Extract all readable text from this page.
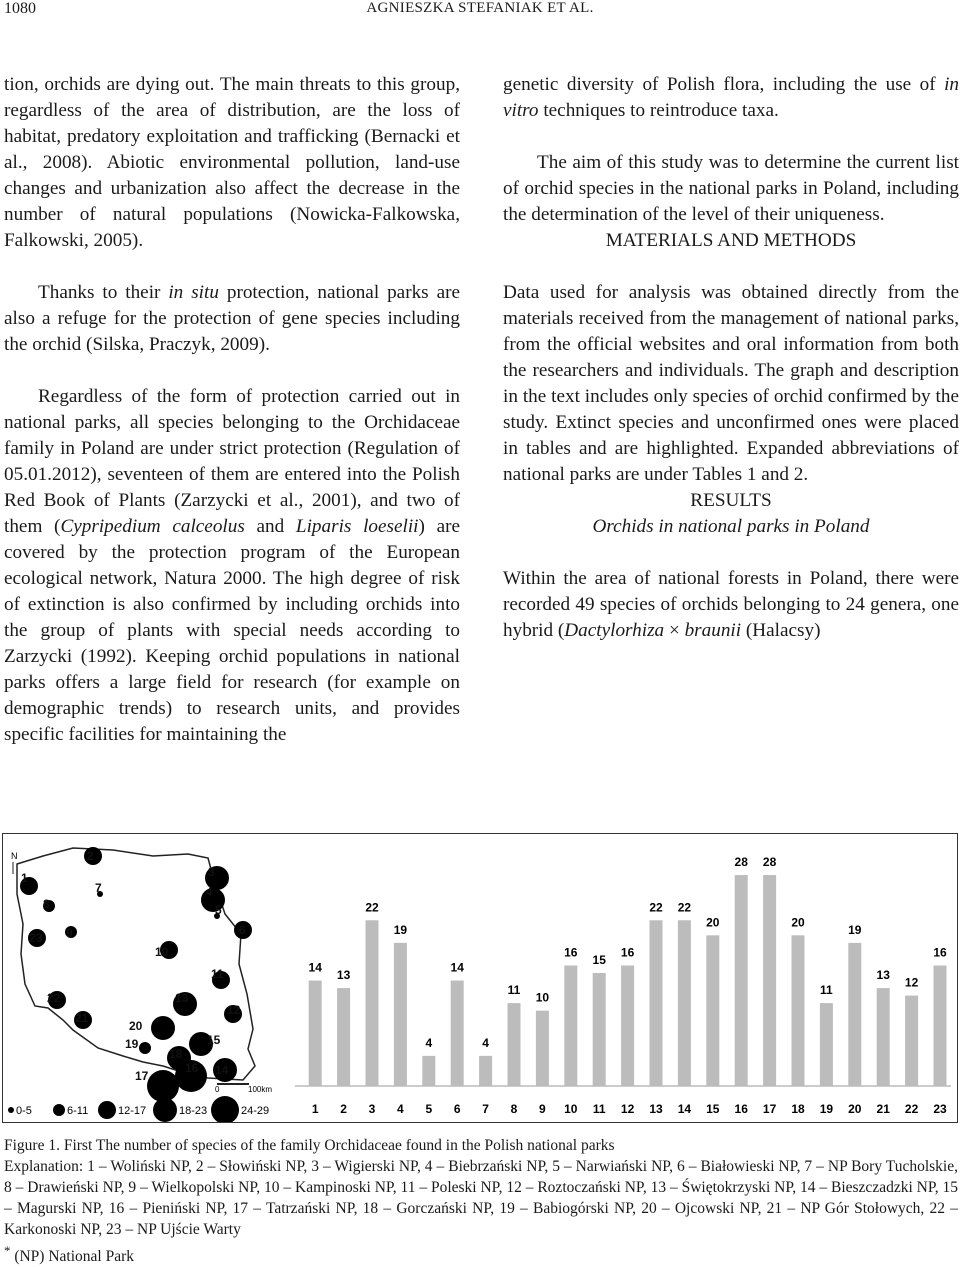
1080	AGNIESZKA STEFANIAK ET AL.

tion, orchids are dying out. The main threats to this group, regardless of the area of distribution, are the loss of habitat, predatory exploitation and trafficking (Bernacki et al., 2008). Abiotic environmental pollution, land-use changes and urbanization also affect the decrease in the number of natural populations (Nowicka-Falkowska, Falkowski, 2005).

Thanks to their in situ protection, national parks are also a refuge for the protection of gene species including the orchid (Silska, Praczyk, 2009).

Regardless of the form of protection carried out in national parks, all species belonging to the Orchidaceae family in Poland are under strict protection (Regulation of 05.01.2012), seventeen of them are entered into the Polish Red Book of Plants (Zarzycki et al., 2001), and two of them (Cypripedium calceolus and Liparis loeselii) are covered by the protection program of the European ecological network, Natura 2000. The high degree of risk of extinction is also confirmed by including orchids into the group of plants with special needs according to Zarzycki (1992). Keeping orchid populations in national parks offers a large field for research (for example on demographic trends) to research units, and provides specific facilities for maintaining the

genetic diversity of Polish flora, including the use of in vitro techniques to reintroduce taxa.

The aim of this study was to determine the current list of orchid species in the national parks in Poland, including the determination of the level of their uniqueness.

MATERIALS AND METHODS

Data used for analysis was obtained directly from the materials received from the management of national parks, from the official websites and oral information from both the researchers and individuals. The graph and description in the text includes only species of orchid confirmed by the study. Extinct species and unconfirmed ones were placed in tables and are highlighted. Expanded abbreviations of national parks are under Tables 1 and 2.

RESULTS

Orchids in national parks in Poland

Within the area of national forests in Poland, there were recorded 49 species of orchids belonging to 24 genera, one hybrid (Dactylorhiza × braunii (Halacsy)

N
1
2
3
4
5
6
7
8
9
10
11
12
13
14
15
16
17
18
19
20
21
22
23
0	100km
0-5	6-11	12-17	18-23	24-29
14
1
13
2
22
3
19
4
4
5
14
6
4
7
11
8
10
9
16
10
15
11
16
12
22
13
22
14
20
15
28
16
28
17
20
18
11
19
19
20
13
21
12
22
16
23

Figure 1. First The number of species of the family Orchidaceae found in the Polish national parks

Explanation: 1 – Woliński NP, 2 – Słowiński NP, 3 – Wigierski NP, 4 – Biebrzański NP, 5 – Narwiański NP, 6 – Białowieski NP, 7 – NP Bory Tucholskie, 8 – Drawieński NP, 9 – Wielkopolski NP, 10 – Kampinoski NP, 11 – Poleski NP, 12 – Roztoczański NP, 13 – Świętokrzyski NP, 14 – Bieszczadzki NP, 15 – Magurski NP, 16 – Pieniński NP, 17 – Tatrzański NP, 18 – Gorczański NP, 19 – Babiogórski NP, 20 – Ojcowski NP, 21 – NP Gór Stołowych, 22 – Karkonoski NP, 23 – NP Ujście Warty

* (NP) National Park
